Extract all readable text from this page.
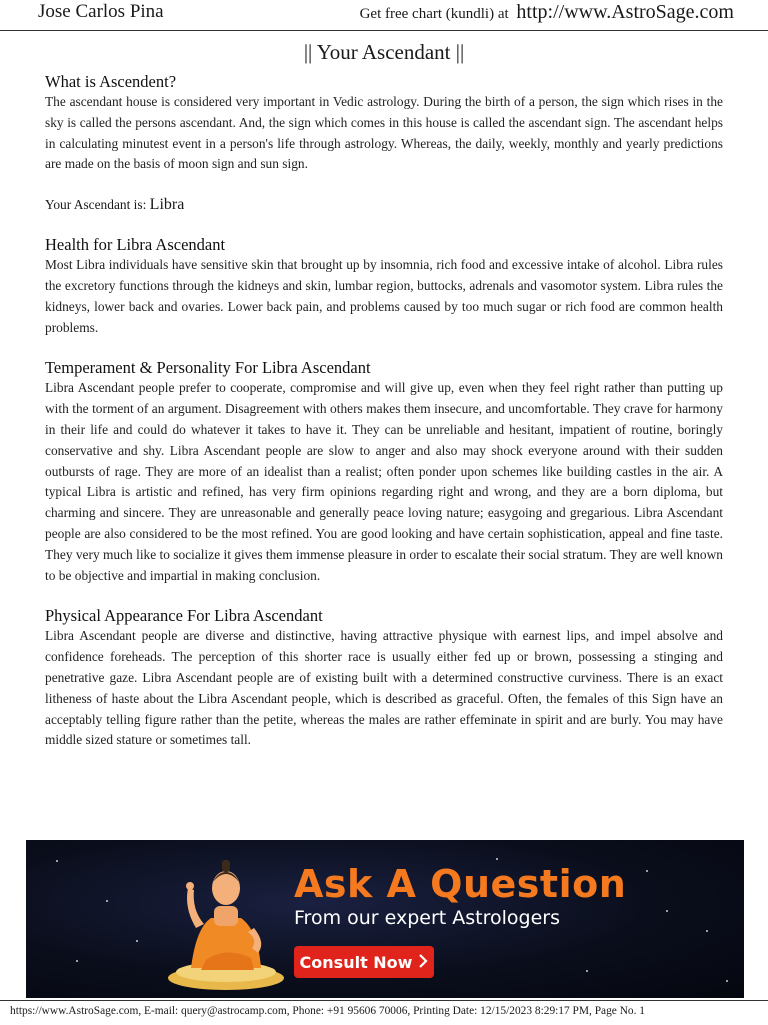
Jose Carlos Pina	Get free chart (kundli) at http://www.AstroSage.com
|| Your Ascendant ||
What is Ascendent?

The ascendant house is considered very important in Vedic astrology. During the birth of a person, the sign which rises in the sky is called the persons ascendant. And, the sign which comes in this house is called the ascendant sign. The ascendant helps in calculating minutest event in a person's life through astrology. Whereas, the daily, weekly, monthly and yearly predictions are made on the basis of moon sign and sun sign.

Your Ascendant is: Libra
Health for Libra Ascendant

Most Libra individuals have sensitive skin that brought up by insomnia, rich food and excessive intake of alcohol. Libra rules the excretory functions through the kidneys and skin, lumbar region, buttocks, adrenals and vasomotor system. Libra rules the kidneys, lower back and ovaries. Lower back pain, and problems caused by too much sugar or rich food are common health problems.

Temperament & Personality For Libra Ascendant

Libra Ascendant people prefer to cooperate, compromise and will give up, even when they feel right rather than putting up with the torment of an argument. Disagreement with others makes them insecure, and uncomfortable. They crave for harmony in their life and could do whatever it takes to have it. They can be unreliable and hesitant, impatient of routine, boringly conservative and shy. Libra Ascendant people are slow to anger and also may shock everyone around with their sudden outbursts of rage. They are more of an idealist than a realist; often ponder upon schemes like building castles in the air. A typical Libra is artistic and refined, has very firm opinions regarding right and wrong, and they are a born diploma, but charming and sincere. They are unreasonable and generally peace loving nature; easygoing and gregarious. Libra Ascendant people are also considered to be the most refined. You are good looking and have certain sophistication, appeal and fine taste. They very much like to socialize it gives them immense pleasure in order to escalate their social stratum. They are well known to be objective and impartial in making conclusion.

Physical Appearance For Libra Ascendant

Libra Ascendant people are diverse and distinctive, having attractive physique with earnest lips, and impel absolve and confidence foreheads. The perception of this shorter race is usually either fed up or brown, possessing a stinging and penetrative gaze. Libra Ascendant people are of existing built with a determined constructive curviness. There is an exact litheness of haste about the Libra Ascendant people, which is described as graceful. Often, the females of this Sign have an acceptably telling figure rather than the petite, whereas the males are rather effeminate in spirit and are burly. You may have middle sized stature or sometimes tall.

Ask A Question
From our expert Astrologers
Consult Now
https://www.AstroSage.com, E-mail: query@astrocamp.com, Phone: +91 95606 70006, Printing Date: 12/15/2023 8:29:17 PM, Page No. 1
